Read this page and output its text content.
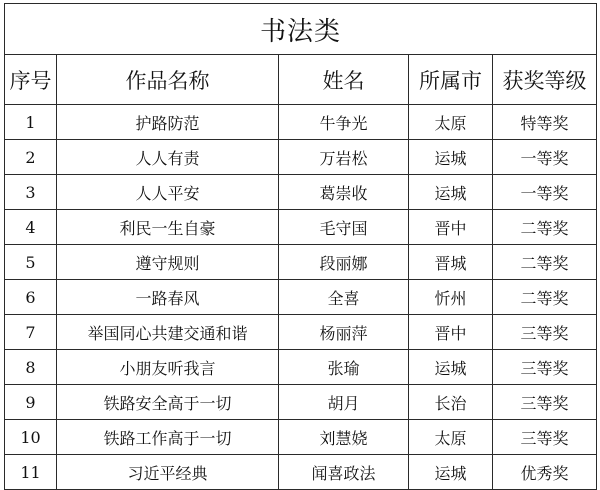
书法类				
序号	作品名称	姓名	所属市	获奖等级
1	护路防范	牛争光	太原	特等奖
2	人人有责	万岩松	运城	一等奖
3	人人平安	葛崇收	运城	一等奖
4	利民一生自豪	毛守国	晋中	二等奖
5	遵守规则	段丽娜	晋城	二等奖
6	一路春风	全喜	忻州	二等奖
7	举国同心共建交通和谐	杨丽萍	晋中	三等奖
8	小朋友听我言	张瑜	运城	三等奖
9	铁路安全高于一切	胡月	长治	三等奖
10	铁路工作高于一切	刘慧娆	太原	三等奖
11	习近平经典	闻喜政法	运城	优秀奖
